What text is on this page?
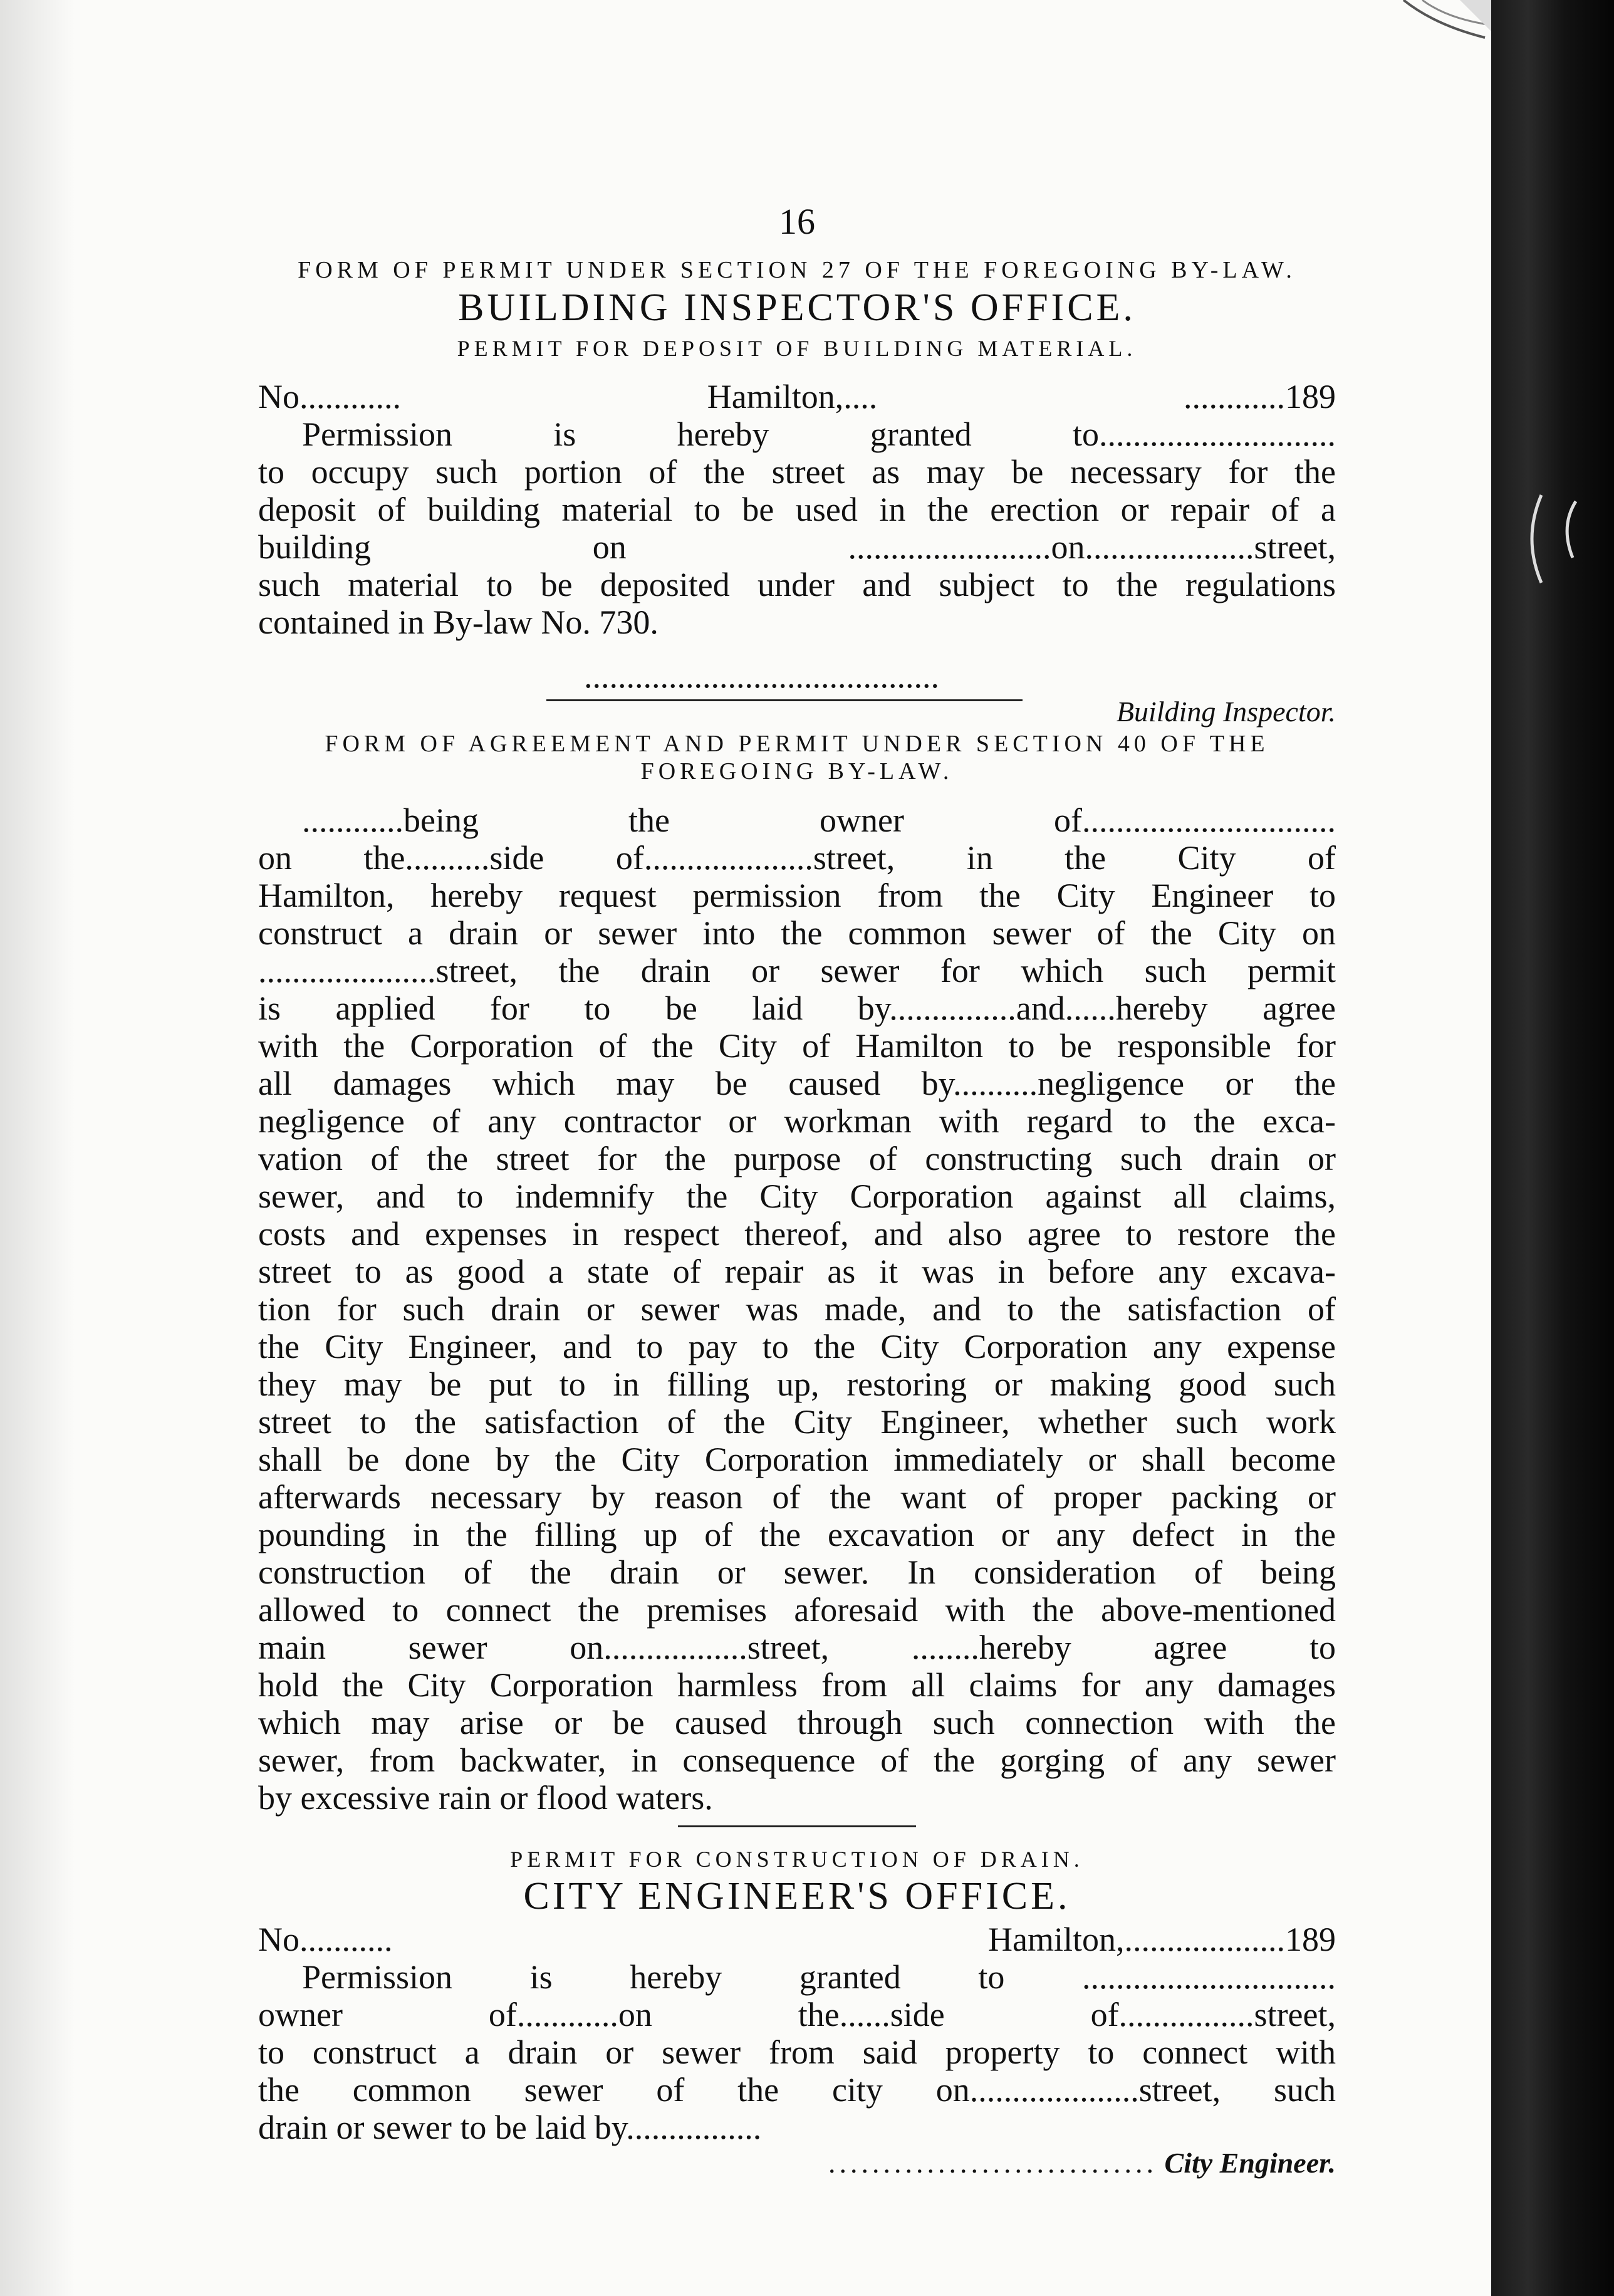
16

FORM OF PERMIT UNDER SECTION 27 OF THE FOREGOING BY-LAW.

BUILDING INSPECTOR'S OFFICE.

PERMIT FOR DEPOSIT OF BUILDING MATERIAL.

No............ Hamilton,.... ............189

Permission is hereby granted to............................

to occupy such portion of the street as may be necessary for the

deposit of building material to be used in the erection or repair of a

building on ........................on....................street,

such material to be deposited under and subject to the regulations

contained in By-law No. 730.

..........................................

Building Inspector.

FORM OF AGREEMENT AND PERMIT UNDER SECTION 40 OF THE

FOREGOING BY-LAW.

............being the owner of..............................

on the..........side of....................street, in the City of

Hamilton, hereby request permission from the City Engineer to

construct a drain or sewer into the common sewer of the City on

.....................street, the drain or sewer for which such permit

is applied for to be laid by...............and......hereby agree

with the Corporation of the City of Hamilton to be responsible for

all damages which may be caused by..........negligence or the

negligence of any contractor or workman with regard to the exca-

vation of the street for the purpose of constructing such drain or

sewer, and to indemnify the City Corporation against all claims,

costs and expenses in respect thereof, and also agree to restore the

street to as good a state of repair as it was in before any excava-

tion for such drain or sewer was made, and to the satisfaction of

the City Engineer, and to pay to the City Corporation any expense

they may be put to in filling up, restoring or making good such

street to the satisfaction of the City Engineer, whether such work

shall be done by the City Corporation immediately or shall become

afterwards necessary by reason of the want of proper packing or

pounding in the filling up of the excavation or any defect in the

construction of the drain or sewer. In consideration of being

allowed to connect the premises aforesaid with the above-mentioned

main sewer on.................street, ........hereby agree to

hold the City Corporation harmless from all claims for any damages

which may arise or be caused through such connection with the

sewer, from backwater, in consequence of the gorging of any sewer

by excessive rain or flood waters.

PERMIT FOR CONSTRUCTION OF DRAIN.

CITY ENGINEER'S OFFICE.

No........... Hamilton,...................189

Permission is hereby granted to ..............................

owner of............on the......side of................street,

to construct a drain or sewer from said property to connect with

the common sewer of the city on....................street, such

drain or sewer to be laid by................

.............................. City Engineer.
